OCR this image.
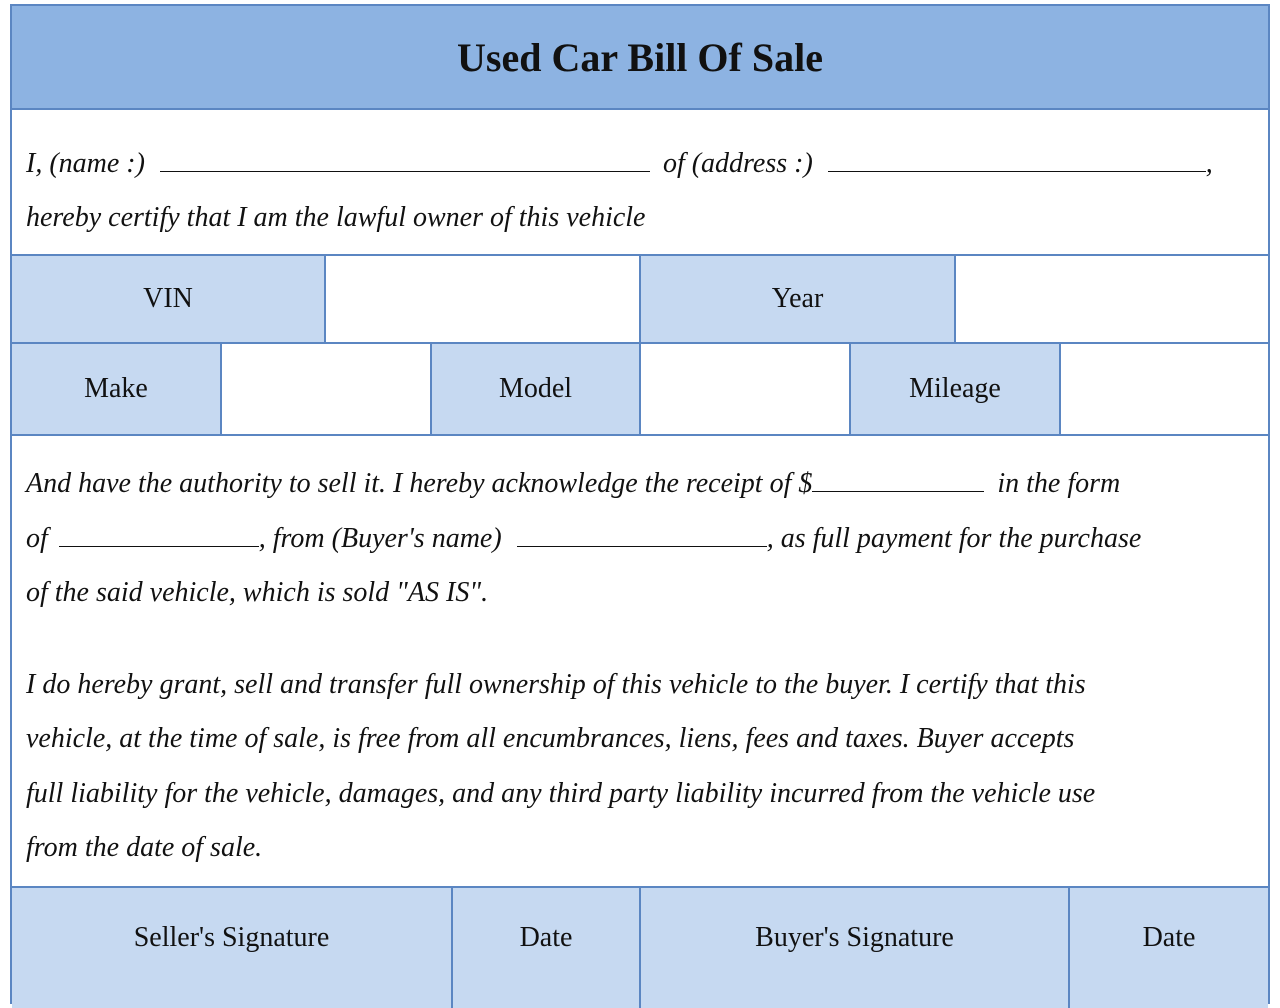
Used Car Bill Of Sale
I, (name :)	of (address :)	,
hereby certify that I am the lawful owner of this vehicle
VIN	Year
Make	Model	Mileage
And have the authority to sell it. I hereby acknowledge the receipt of $	in the form
of	, from (Buyer's name)	, as full payment for the purchase
of the said vehicle, which is sold "AS IS".
I do hereby grant, sell and transfer full ownership of this vehicle to the buyer. I certify that this
vehicle, at the time of sale, is free from all encumbrances, liens, fees and taxes. Buyer accepts
full liability for the vehicle, damages, and any third party liability incurred from the vehicle use
from the date of sale.
Seller's Signature	Date	Buyer's Signature	Date
